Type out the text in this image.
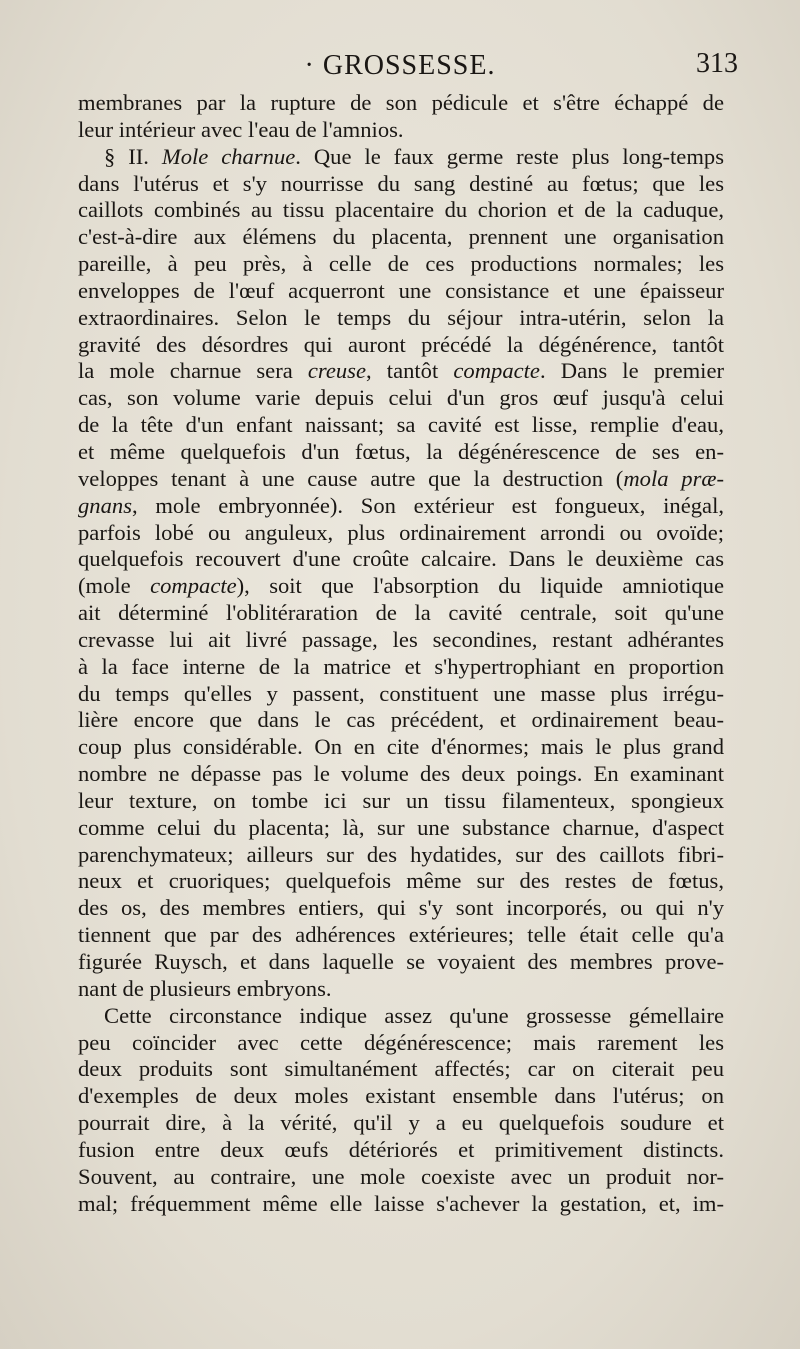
· GROSSESSE.	313
membranes par la rupture de son pédicule et s'être échappé de
leur intérieur avec l'eau de l'amnios.
§ II. Mole charnue. Que le faux germe reste plus long-temps
dans l'utérus et s'y nourrisse du sang destiné au fœtus; que les
caillots combinés au tissu placentaire du chorion et de la caduque,
c'est-à-dire aux élémens du placenta, prennent une organisation
pareille, à peu près, à celle de ces productions normales; les
enveloppes de l'œuf acquerront une consistance et une épaisseur
extraordinaires. Selon le temps du séjour intra-utérin, selon la
gravité des désordres qui auront précédé la dégénérence, tantôt
la mole charnue sera creuse, tantôt compacte. Dans le premier
cas, son volume varie depuis celui d'un gros œuf jusqu'à celui
de la tête d'un enfant naissant; sa cavité est lisse, remplie d'eau,
et même quelquefois d'un fœtus, la dégénérescence de ses en-
veloppes tenant à une cause autre que la destruction (mola præ-
gnans, mole embryonnée). Son extérieur est fongueux, inégal,
parfois lobé ou anguleux, plus ordinairement arrondi ou ovoïde;
quelquefois recouvert d'une croûte calcaire. Dans le deuxième cas
(mole compacte), soit que l'absorption du liquide amniotique
ait déterminé l'oblitérаration de la cavité centrale, soit qu'une
crevasse lui ait livré passage, les secondines, restant adhérantes
à la face interne de la matrice et s'hypertrophiant en proportion
du temps qu'elles y passent, constituent une masse plus irrégu-
lière encore que dans le cas précédent, et ordinairement beau-
coup plus considérable. On en cite d'énormes; mais le plus grand
nombre ne dépasse pas le volume des deux poings. En examinant
leur texture, on tombe ici sur un tissu filamenteux, spongieux
comme celui du placenta; là, sur une substance charnue, d'aspect
parenchymateux; ailleurs sur des hydatides, sur des caillots fibri-
neux et cruoriques; quelquefois même sur des restes de fœtus,
des os, des membres entiers, qui s'y sont incorporés, ou qui n'y
tiennent que par des adhérences extérieures; telle était celle qu'a
figurée Ruysch, et dans laquelle se voyaient des membres prove-
nant de plusieurs embryons.
Cette circonstance indique assez qu'une grossesse gémellaire
peu coïncider avec cette dégénérescence; mais rarement les
deux produits sont simultanément affectés; car on citerait peu
d'exemples de deux moles existant ensemble dans l'utérus; on
pourrait dire, à la vérité, qu'il y a eu quelquefois soudure et
fusion entre deux œufs détériorés et primitivement distincts.
Souvent, au contraire, une mole coexiste avec un produit nor-
mal; fréquemment même elle laisse s'achever la gestation, et, im-
